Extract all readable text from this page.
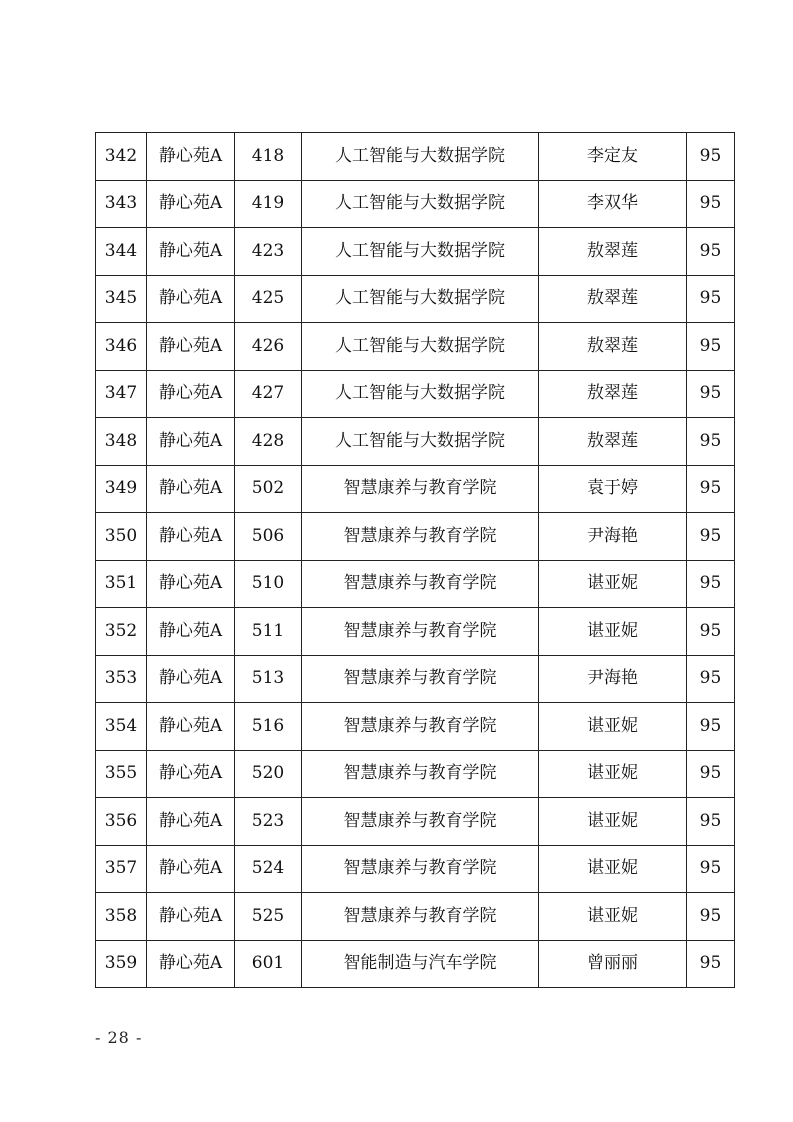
342	静心苑A	418	人工智能与大数据学院	李定友	95
343	静心苑A	419	人工智能与大数据学院	李双华	95
344	静心苑A	423	人工智能与大数据学院	敖翠莲	95
345	静心苑A	425	人工智能与大数据学院	敖翠莲	95
346	静心苑A	426	人工智能与大数据学院	敖翠莲	95
347	静心苑A	427	人工智能与大数据学院	敖翠莲	95
348	静心苑A	428	人工智能与大数据学院	敖翠莲	95
349	静心苑A	502	智慧康养与教育学院	袁于婷	95
350	静心苑A	506	智慧康养与教育学院	尹海艳	95
351	静心苑A	510	智慧康养与教育学院	谌亚妮	95
352	静心苑A	511	智慧康养与教育学院	谌亚妮	95
353	静心苑A	513	智慧康养与教育学院	尹海艳	95
354	静心苑A	516	智慧康养与教育学院	谌亚妮	95
355	静心苑A	520	智慧康养与教育学院	谌亚妮	95
356	静心苑A	523	智慧康养与教育学院	谌亚妮	95
357	静心苑A	524	智慧康养与教育学院	谌亚妮	95
358	静心苑A	525	智慧康养与教育学院	谌亚妮	95
359	静心苑A	601	智能制造与汽车学院	曾丽丽	95
- 28 -
